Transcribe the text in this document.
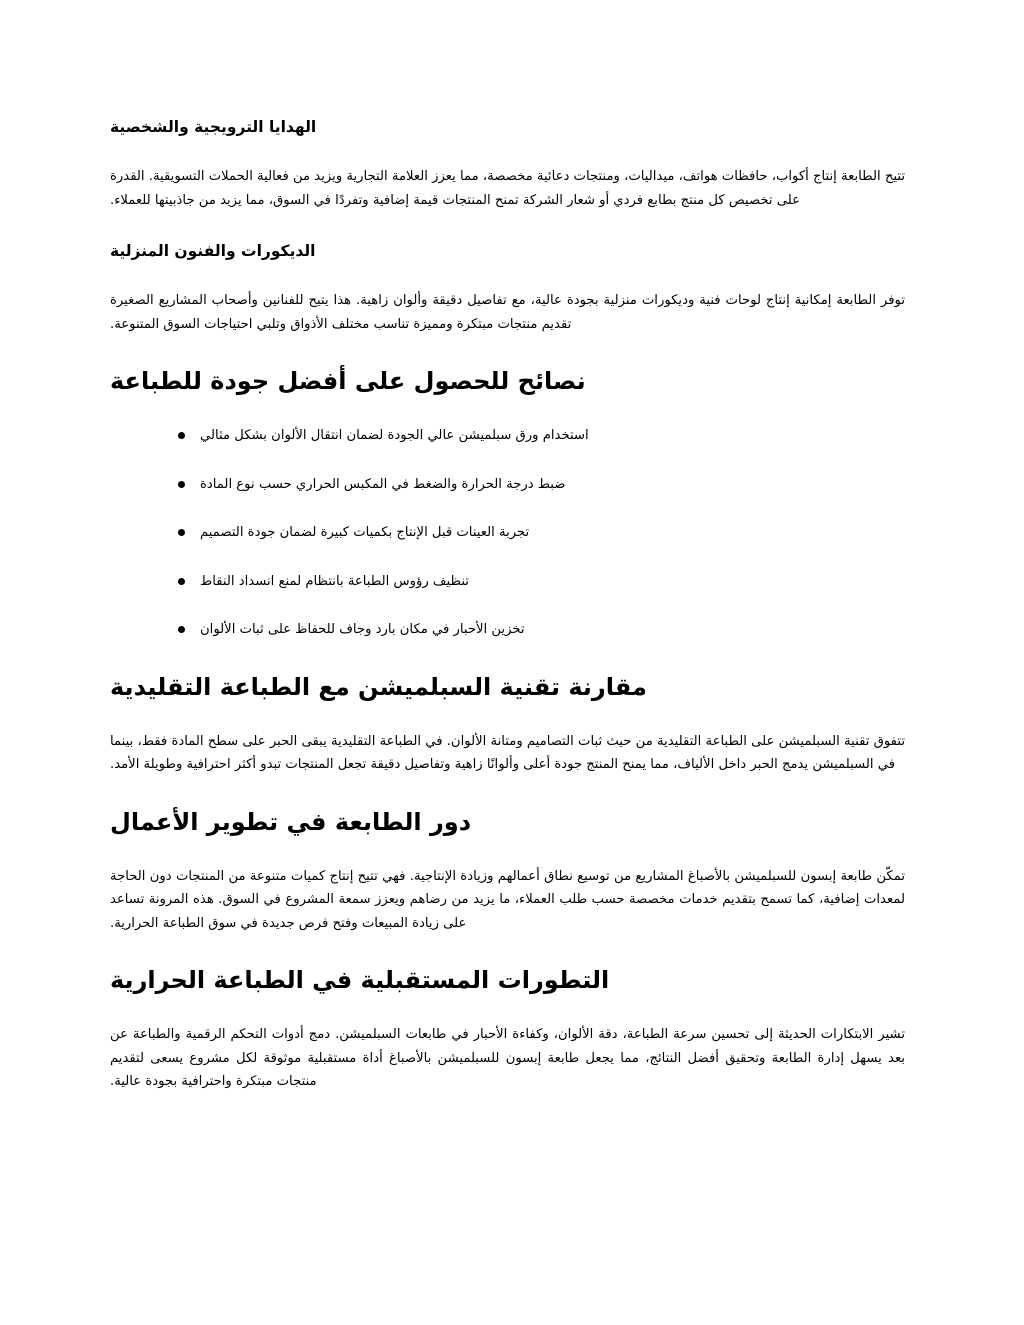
الهدايا الترويجية والشخصية

تتيح الطابعة إنتاج أكواب، حافظات هواتف، ميداليات، ومنتجات دعائية مخصصة، مما يعزز العلامة التجارية ويزيد من فعالية الحملات التسويقية. القدرة على تخصيص كل منتج بطابع فردي أو شعار الشركة تمنح المنتجات قيمة إضافية وتفردًا في السوق، مما يزيد من جاذبيتها للعملاء.

الديكورات والفنون المنزلية

توفر الطابعة إمكانية إنتاج لوحات فنية وديكورات منزلية بجودة عالية، مع تفاصيل دقيقة وألوان زاهية. هذا يتيح للفنانين وأصحاب المشاريع الصغيرة تقديم منتجات مبتكرة ومميزة تناسب مختلف الأذواق وتلبي احتياجات السوق المتنوعة.

نصائح للحصول على أفضل جودة للطباعة
استخدام ورق سبلميشن عالي الجودة لضمان انتقال الألوان بشكل مثالي
ضبط درجة الحرارة والضغط في المكبس الحراري حسب نوع المادة
تجربة العينات قبل الإنتاج بكميات كبيرة لضمان جودة التصميم
تنظيف رؤوس الطباعة بانتظام لمنع انسداد النقاط
تخزين الأحبار في مكان بارد وجاف للحفاظ على ثبات الألوان
مقارنة تقنية السبلميشن مع الطباعة التقليدية

تتفوق تقنية السبلميشن على الطباعة التقليدية من حيث ثبات التصاميم ومتانة الألوان. في الطباعة التقليدية يبقى الحبر على سطح المادة فقط، بينما في السبلميشن يدمج الحبر داخل الألياف، مما يمنح المنتج جودة أعلى وألوانًا زاهية وتفاصيل دقيقة تجعل المنتجات تبدو أكثر احترافية وطويلة الأمد.

دور الطابعة في تطوير الأعمال

تمكّن طابعة إبسون للسبلميشن بالأصباغ المشاريع من توسيع نطاق أعمالهم وزيادة الإنتاجية. فهي تتيح إنتاج كميات متنوعة من المنتجات دون الحاجة لمعدات إضافية، كما تسمح بتقديم خدمات مخصصة حسب طلب العملاء، ما يزيد من رضاهم ويعزز سمعة المشروع في السوق. هذه المرونة تساعد على زيادة المبيعات وفتح فرص جديدة في سوق الطباعة الحرارية.

التطورات المستقبلية في الطباعة الحرارية

تشير الابتكارات الحديثة إلى تحسين سرعة الطباعة، دقة الألوان، وكفاءة الأحبار في طابعات السبلميشن. دمج أدوات التحكم الرقمية والطباعة عن بعد يسهل إدارة الطابعة وتحقيق أفضل النتائج، مما يجعل طابعة إبسون للسبلميشن بالأصباغ أداة مستقبلية موثوقة لكل مشروع يسعى لتقديم منتجات مبتكرة واحترافية بجودة عالية.
